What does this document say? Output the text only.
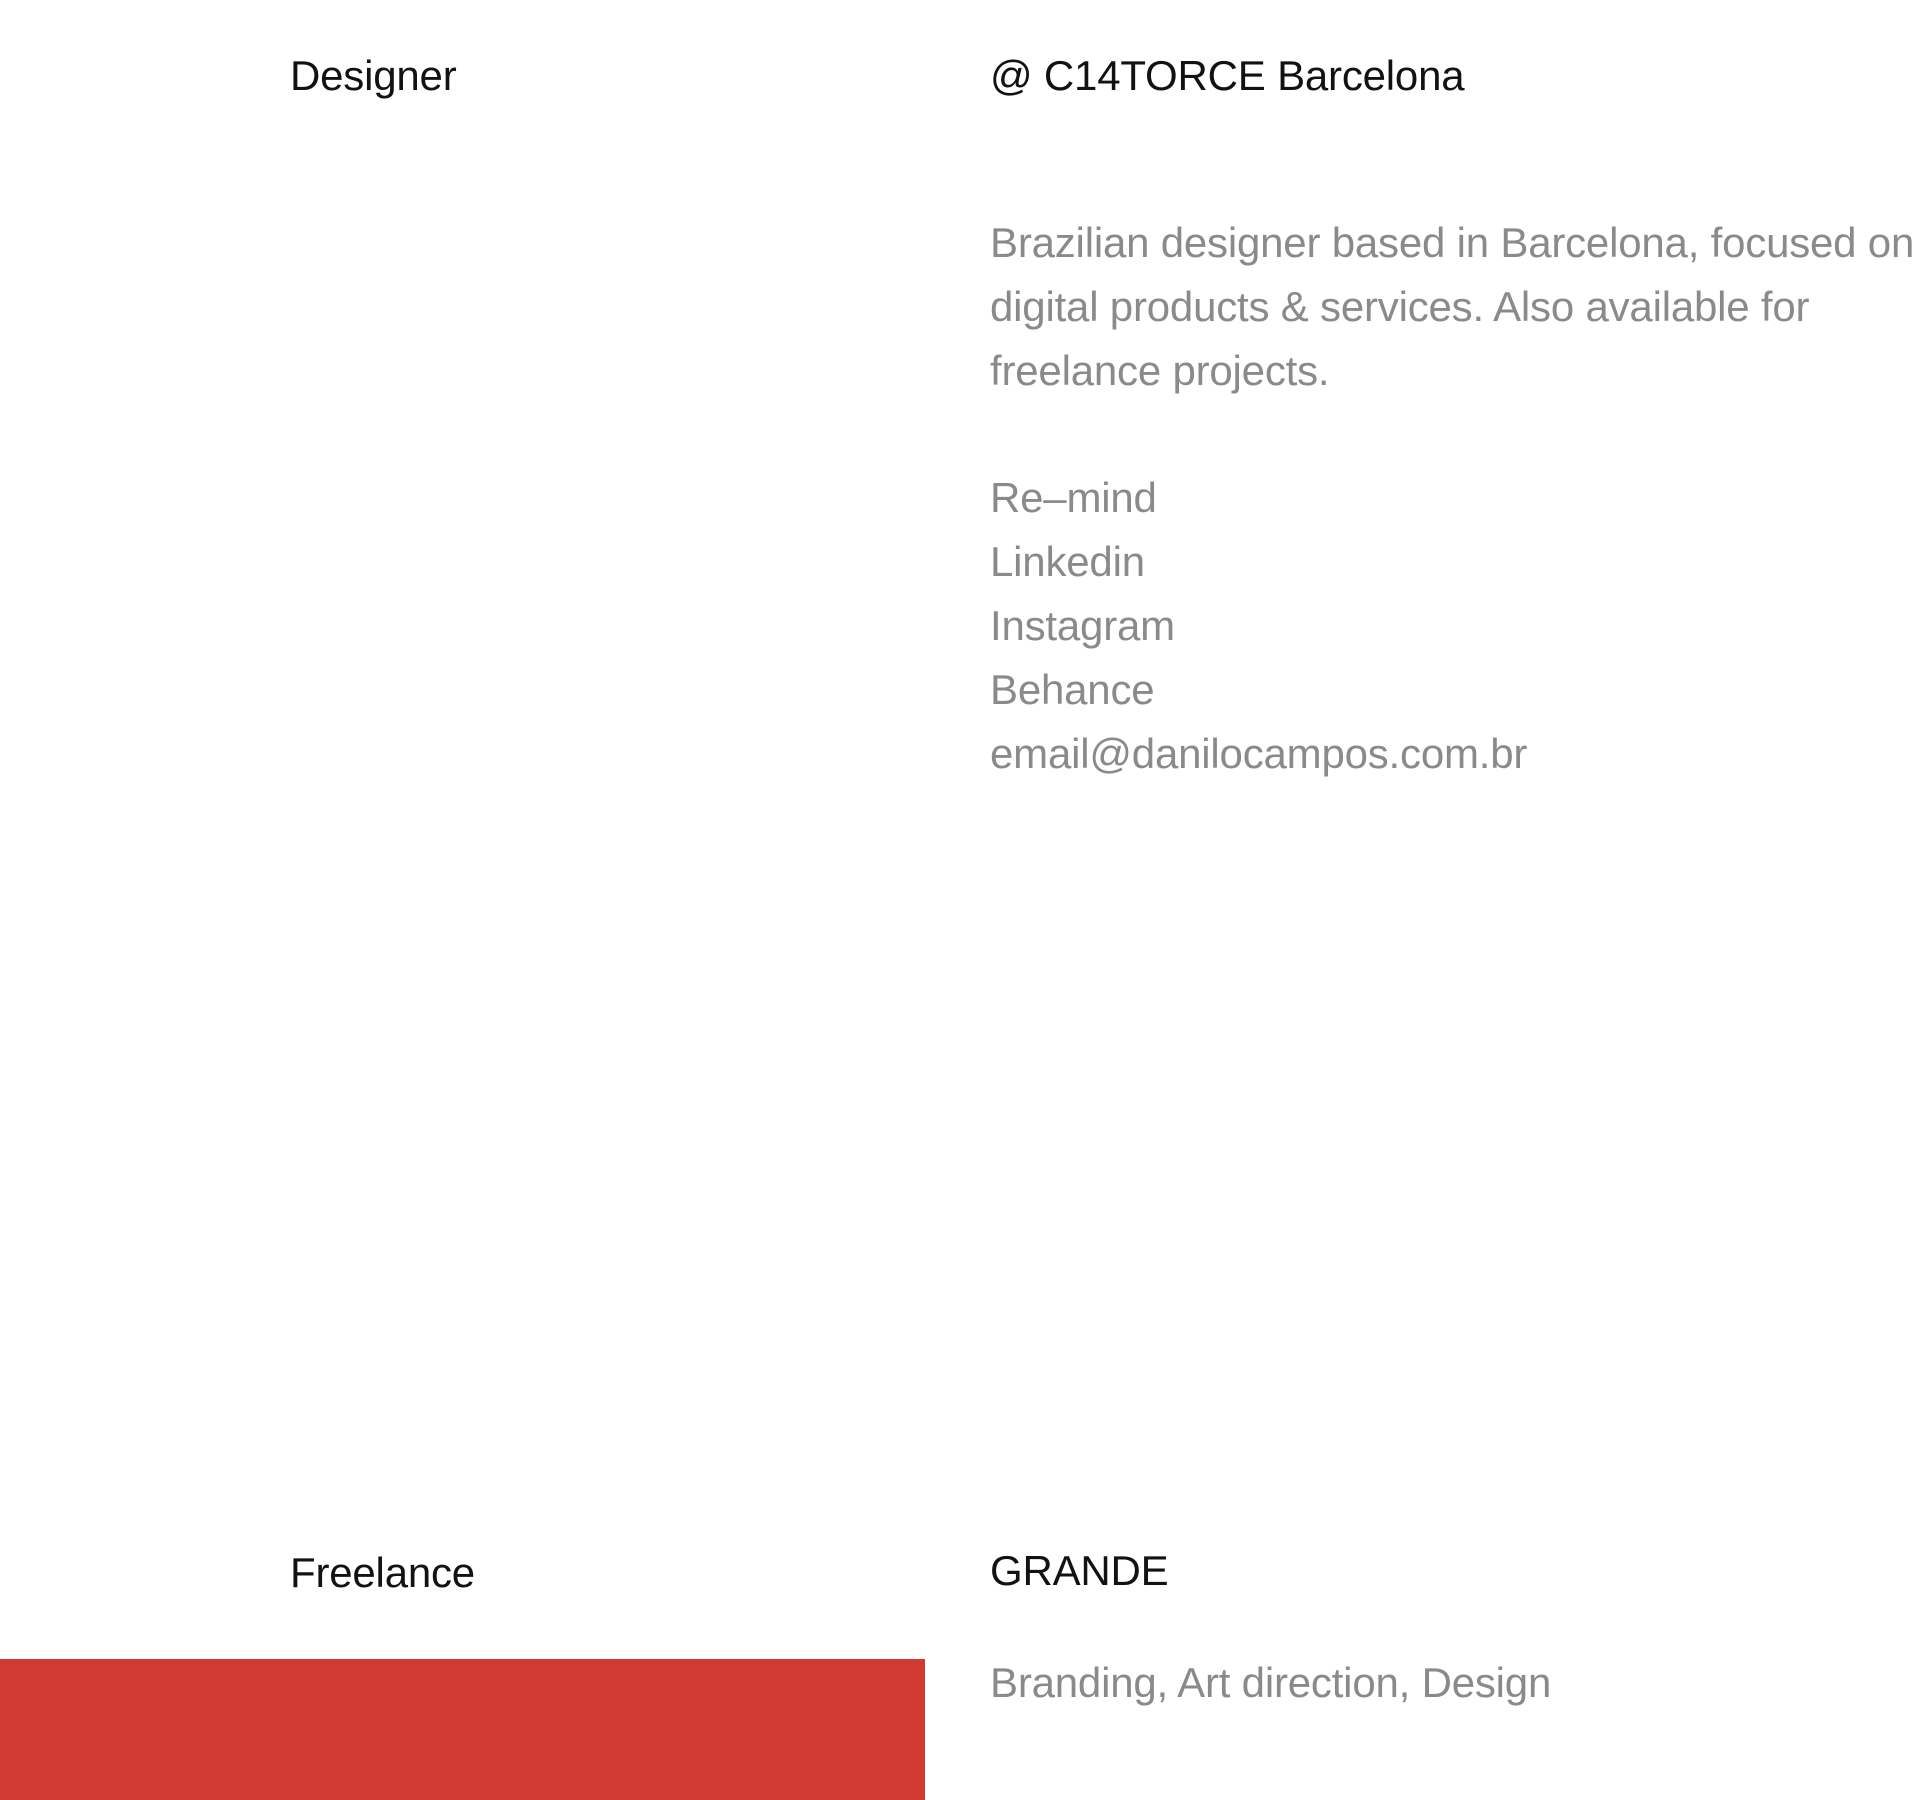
Designer	@ C14TORCE Barcelona
Brazilian designer based in Barcelona, focused on
digital products & services. Also available for
freelance projects.
Re–mind
Linkedin
Instagram
Behance
email@danilocampos.com.br
Freelance	GRANDE
Branding, Art direction, Design
